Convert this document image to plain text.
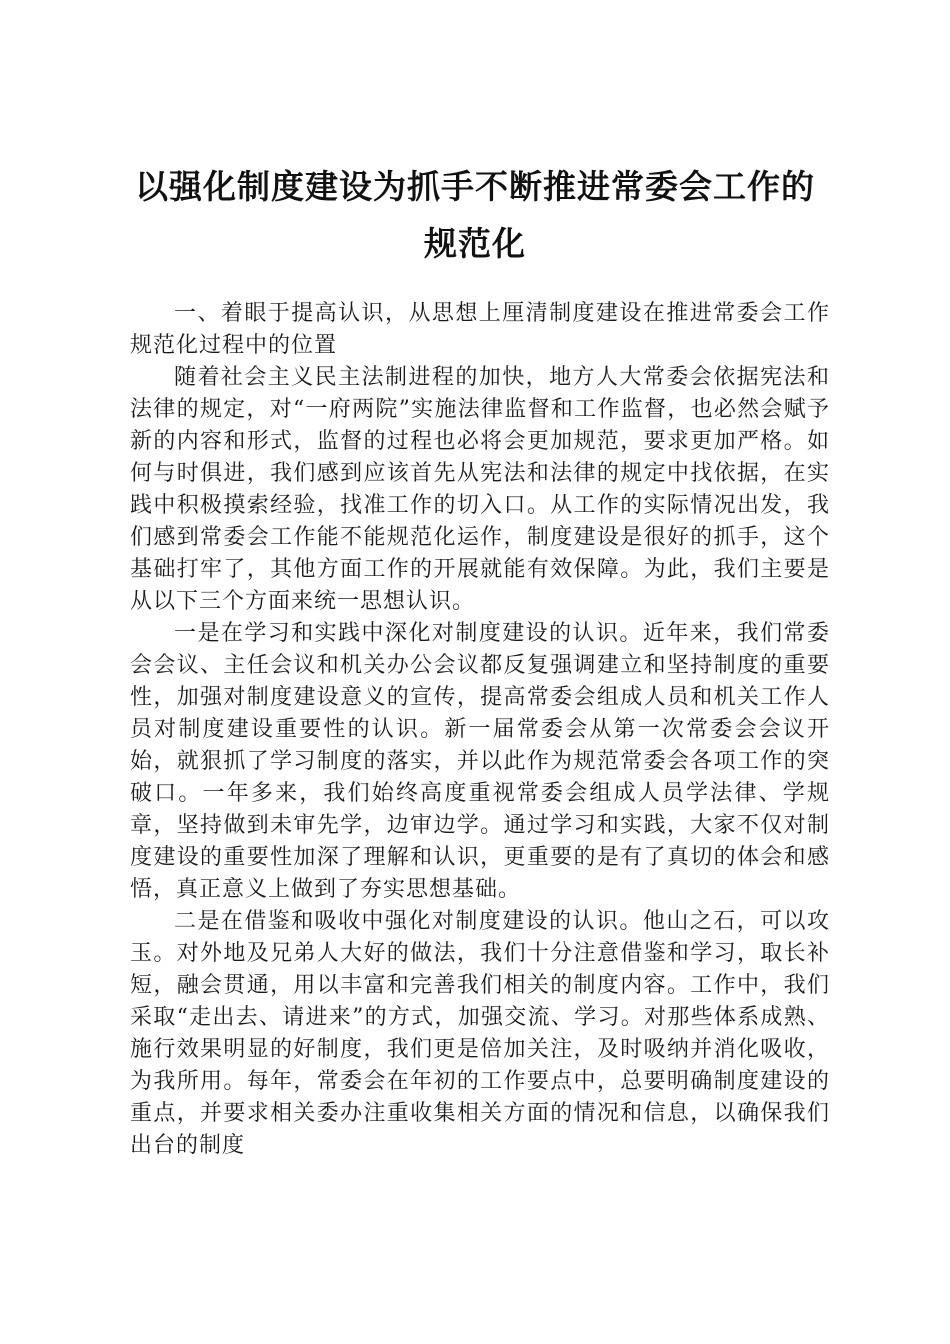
以强化制度建设为抓手不断推进常委会工作的规范化

一、着眼于提高认识，从思想上厘清制度建设在推进常委会工作规范化过程中的位置

随着社会主义民主法制进程的加快，地方人大常委会依据宪法和法律的规定，对“一府两院”实施法律监督和工作监督，也必然会赋予新的内容和形式，监督的过程也必将会更加规范，要求更加严格。如何与时俱进，我们感到应该首先从宪法和法律的规定中找依据，在实践中积极摸索经验，找准工作的切入口。从工作的实际情况出发，我们感到常委会工作能不能规范化运作，制度建设是很好的抓手，这个基础打牢了，其他方面工作的开展就能有效保障。为此，我们主要是从以下三个方面来统一思想认识。

一是在学习和实践中深化对制度建设的认识。近年来，我们常委会会议、主任会议和机关办公会议都反复强调建立和坚持制度的重要性，加强对制度建设意义的宣传，提高常委会组成人员和机关工作人员对制度建设重要性的认识。新一届常委会从第一次常委会会议开始，就狠抓了学习制度的落实，并以此作为规范常委会各项工作的突破口。一年多来，我们始终高度重视常委会组成人员学法律、学规章，坚持做到未审先学，边审边学。通过学习和实践，大家不仅对制度建设的重要性加深了理解和认识，更重要的是有了真切的体会和感悟，真正意义上做到了夯实思想基础。

二是在借鉴和吸收中强化对制度建设的认识。他山之石，可以攻玉。对外地及兄弟人大好的做法，我们十分注意借鉴和学习，取长补短，融会贯通，用以丰富和完善我们相关的制度内容。工作中，我们采取“走出去、请进来”的方式，加强交流、学习。对那些体系成熟、施行效果明显的好制度，我们更是倍加关注，及时吸纳并消化吸收，为我所用。每年，常委会在年初的工作要点中，总要明确制度建设的重点，并要求相关委办注重收集相关方面的情况和信息，以确保我们出台的制度
